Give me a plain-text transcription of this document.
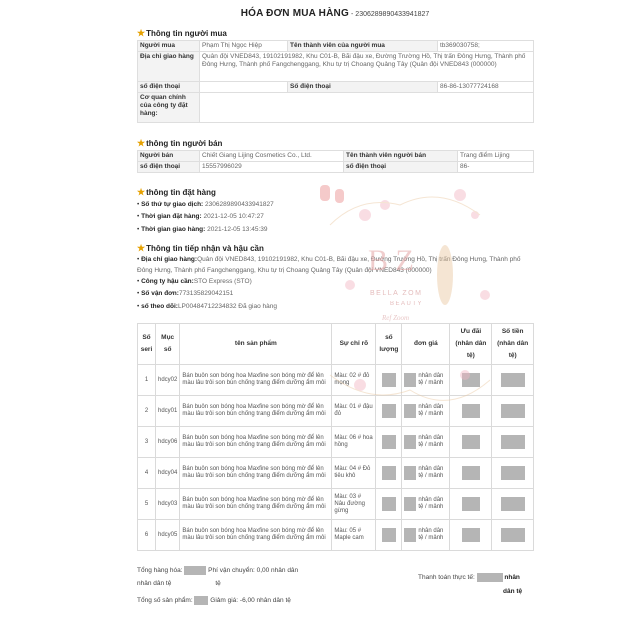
HÓA ĐƠN MUA HÀNG - 2306289890433941827
★Thông tin người mua
Người mua	Phạm Thị Ngọc Hiệp	Tên thành viên của người mua	tb369030758;
Địa chỉ giao hàng	Quân đội VNED843, 19102191982, Khu C01-B, Bãi đậu xe, Đường Trường Hồ, Thị trấn Đông Hưng, Thành phố Đông Hưng, Thành phố Fangchenggang, Khu tự trị Choang Quảng Tây (Quân đội VNED843 (000000)		
số điện thoại		Số điện thoại	86-86-13077724168
Cơ quan chính của công ty đặt hàng:			
★thông tin người bán
Người bán	Chiết Giang Lijing Cosmetics Co., Ltd.	Tên thành viên người bán	Trang điểm Lijing
số điện thoại	15557996029	số điện thoại	86-
★thông tin đặt hàng
• Số thứ tự giao dịch: 2306289890433941827
• Thời gian đặt hàng: 2021-12-05 10:47:27
• Thời gian giao hàng: 2021-12-05 13:45:39
★Thông tin tiếp nhận và hậu cần
• Địa chỉ giao hàng:Quân đội VNED843, 19102191982, Khu C01-B, Bãi đậu xe, Đường Trường Hồ, Thị trấn Đông Hưng, Thành phố Đông Hưng, Thành phố Fangchenggang, Khu tự trị Choang Quảng Tây (Quân đội VNED843 (000000)
• Công ty hậu cần:STO Express (STO)
• Số vận đơn:773135829042151
• số theo dõi:LP00484712234832 Đã giao hàng
Số seri	Mục số	tên sản phẩm	Sự chỉ rõ	số lượng	đơn giá	Ưu đãi (nhân dân tệ)	Số tiền (nhân dân tệ)
1	hdcy02	Bán buôn son bóng hoa Maxfine son bóng mờ để lên màu lâu trôi son bùn chống trang điểm dưỡng ẩm môi	Màu: 02 # đỏ mọng		nhân dân tệ / mảnh		

2	hdcy01	Bán buôn son bóng hoa Maxfine son bóng mờ để lên màu lâu trôi son bùn chống trang điểm dưỡng ẩm môi	Màu: 01 # đậu đỏ		nhân dân tệ / mảnh		

3	hdcy06	Bán buôn son bóng hoa Maxfine son bóng mờ để lên màu lâu trôi son bùn chống trang điểm dưỡng ẩm môi	Màu: 06 # hoa hồng		nhân dân tệ / mảnh		

4	hdcy04	Bán buôn son bóng hoa Maxfine son bóng mờ để lên màu lâu trôi son bùn chống trang điểm dưỡng ẩm môi	Màu: 04 # Đỏ tiêu khô		nhân dân tệ / mảnh		

5	hdcy03	Bán buôn son bóng hoa Maxfine son bóng mờ để lên màu lâu trôi son bùn chống trang điểm dưỡng ẩm môi	Màu: 03 # Nâu đường gừng		nhân dân tệ / mảnh		

6	hdcy05	Bán buôn son bóng hoa Maxfine son bóng mờ để lên màu lâu trôi son bùn chống trang điểm dưỡng ẩm môi	Màu: 05 # Maple cam		nhân dân tệ / mảnh		

Tổng hàng hóa:	Phí vận chuyển: 0,00 nhân dân
nhân dân tệ	tệ
Thanh toán thực tế:	nhân
dân tệ
Tổng số sản phẩm:	Giảm giá: -6,00 nhân dân tệ
B Z
BELLA ZOM
BEAUTY
Ref Zoom
